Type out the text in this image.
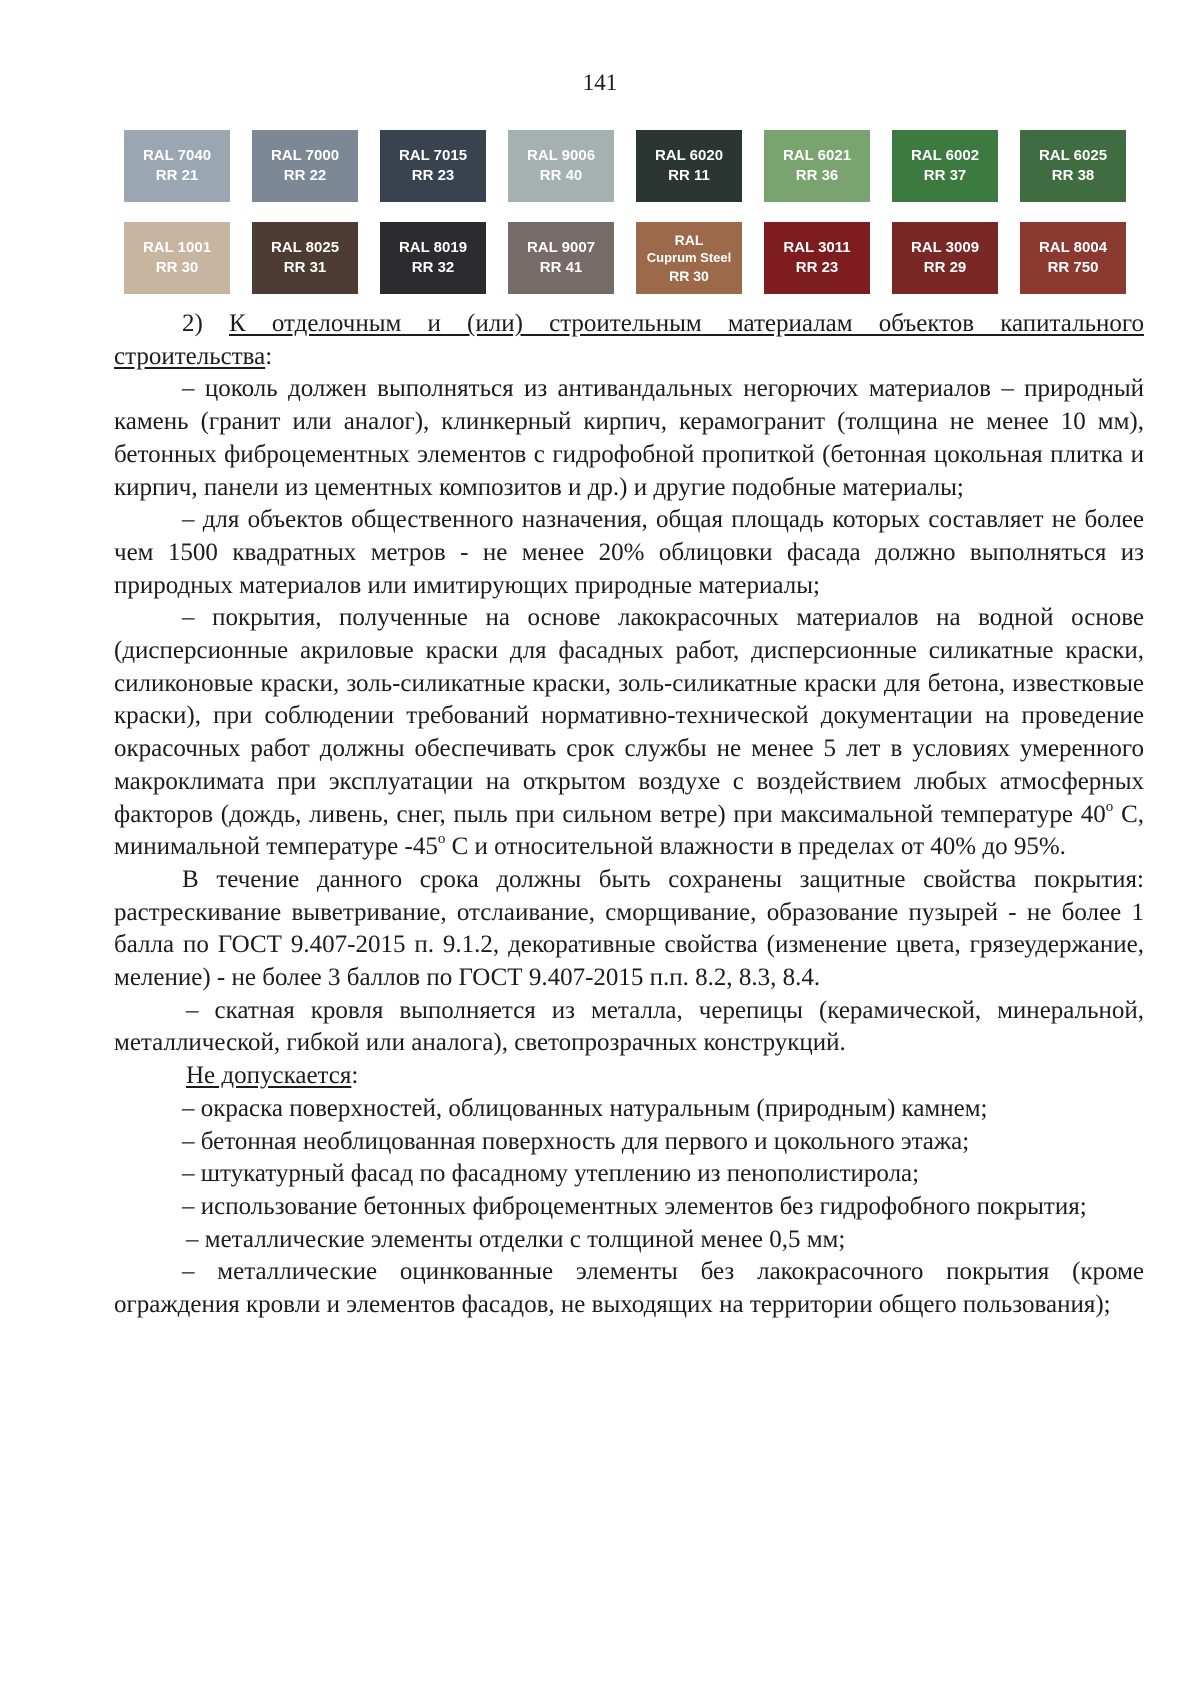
141
RAL 7040
RR 21
RAL 7000
RR 22
RAL 7015
RR 23
RAL 9006
RR 40
RAL 6020
RR 11
RAL 6021
RR 36
RAL 6002
RR 37
RAL 6025
RR 38
RAL 1001
RR 30
RAL 8025
RR 31
RAL 8019
RR 32
RAL 9007
RR 41
RAL
Cuprum Steel
RR 30
RAL 3011
RR 23
RAL 3009
RR 29
RAL 8004
RR 750

2) К отделочным и (или) строительным материалам объектов капитального строительства:

– цоколь должен выполняться из антивандальных негорючих материалов – природный камень (гранит или аналог), клинкерный кирпич, керамогранит (толщина не менее 10 мм), бетонных фиброцементных элементов с гидрофобной пропиткой (бетонная цокольная плитка и кирпич, панели из цементных композитов и др.) и другие подобные материалы;

– для объектов общественного назначения, общая площадь которых составляет не более чем 1500 квадратных метров - не менее 20% облицовки фасада должно выполняться из природных материалов или имитирующих природные материалы;

– покрытия, полученные на основе лакокрасочных материалов на водной основе (дисперсионные акриловые краски для фасадных работ, дисперсионные силикатные краски, силиконовые краски, золь-силикатные краски, золь-силикатные краски для бетона, известковые краски), при соблюдении требований нормативно-технической документации на проведение окрасочных работ должны обеспечивать срок службы не менее 5 лет в условиях умеренного макроклимата при эксплуатации на открытом воздухе с воздействием любых атмосферных факторов (дождь, ливень, снег, пыль при сильном ветре) при максимальной температуре $40^о$ С, минимальной температуре $-45^о$ С и относительной влажности в пределах от 40% до 95%.

В течение данного срока должны быть сохранены защитные свойства покрытия: растрескивание выветривание, отслаивание, сморщивание, образование пузырей - не более 1 балла по ГОСТ 9.407-2015 п. 9.1.2, декоративные свойства (изменение цвета, грязеудержание, меление) - не более 3 баллов по ГОСТ 9.407-2015 п.п. 8.2, 8.3, 8.4.

– скатная кровля выполняется из металла, черепицы (керамической, минеральной, металлической, гибкой или аналога), светопрозрачных конструкций.

Не допускается:

– окраска поверхностей, облицованных натуральным (природным) камнем;

– бетонная необлицованная поверхность для первого и цокольного этажа;

– штукатурный фасад по фасадному утеплению из пенополистирола;

– использование бетонных фиброцементных элементов без гидрофобного покрытия;

– металлические элементы отделки с толщиной менее 0,5 мм;

– металлические оцинкованные элементы без лакокрасочного покрытия (кроме ограждения кровли и элементов фасадов, не выходящих на территории общего пользования);
